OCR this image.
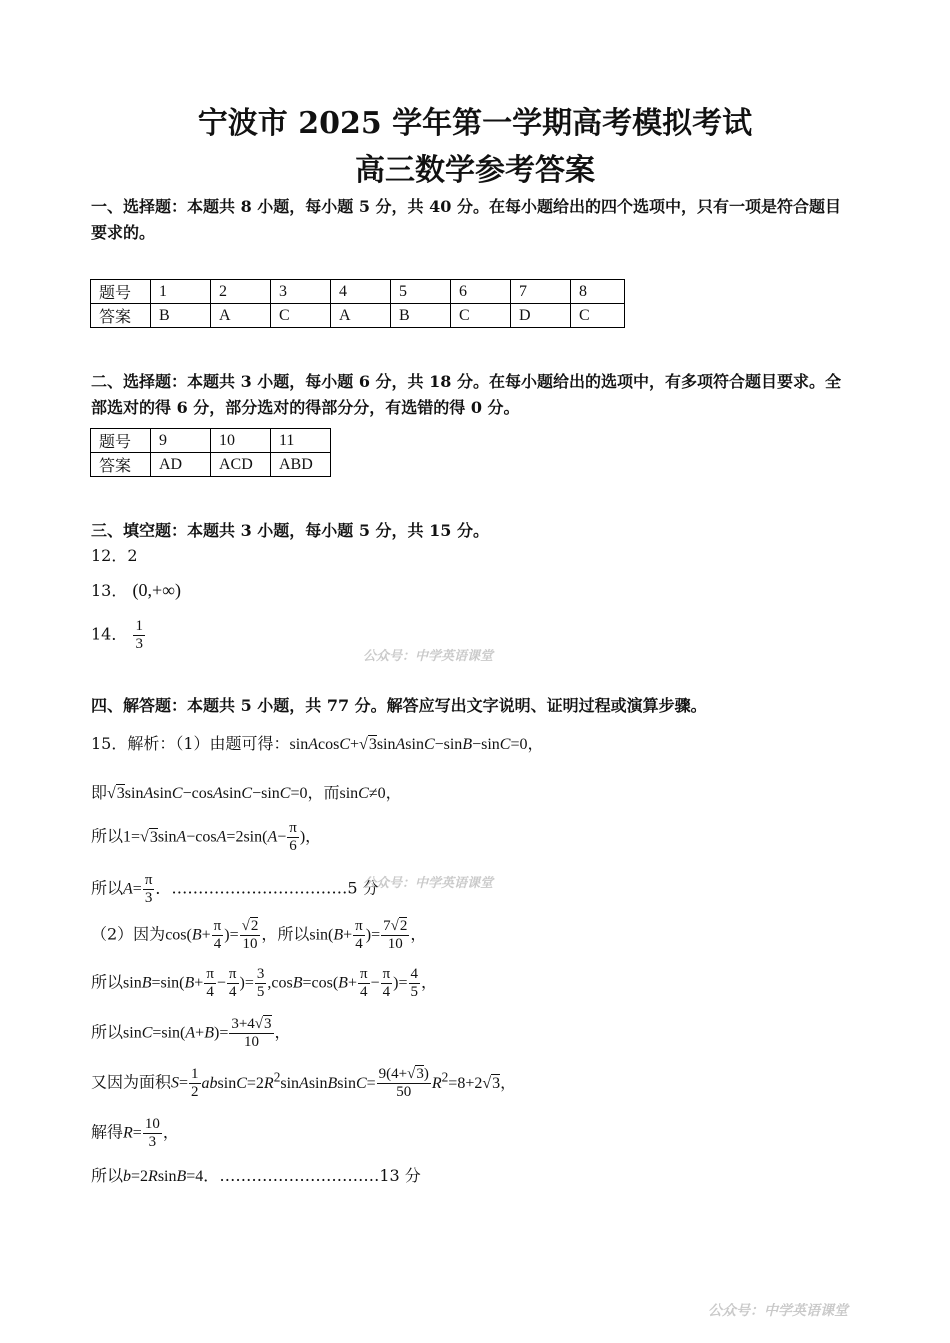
宁波市 2025 学年第一学期高考模拟考试
高三数学参考答案
一、选择题：本题共 8 小题，每小题 5 分，共 40 分。在每小题给出的四个选项中，只有一项是符合题目
要求的。
题号	1	2	3	4	5	6	7	8
答案	B	A	C	A	B	C	D	C
二、选择题：本题共 3 小题，每小题 6 分，共 18 分。在每小题给出的选项中，有多项符合题目要求。全
部选对的得 6 分，部分选对的得部分分，有选错的得 0 分。
题号	9	10	11
答案	AD	ACD	ABD
三、填空题：本题共 3 小题，每小题 5 分，共 15 分。
12．2
13． (0,+∞)
14． $\frac{1}{3}$
公众号：中学英语课堂
四、解答题：本题共 5 小题，共 77 分。解答应写出文字说明、证明过程或演算步骤。
15．解析：（1）由题可得：sinAcosC+√3sinAsinC−sinB−sinC=0，
即√3sinAsinC−cosAsinC−sinC=0，而sinC≠0，
所以$1=√3\sin A-\cos A=2\sin(A- \frac{\pi}{6}$ )，
所以$A= \frac{\pi}{3}$ ．……………………………5 分
公众号：中学英语课堂
（2）因为$\cos(B+ \frac{\pi}{4}$ )= $\frac{√2}{10}$ ，所以$\sin(B+ \frac{\pi}{4}$ )= $\frac{7√2}{10}$ ，
所以$\sin B=\sin(B+ \frac{\pi}{4} - \frac{\pi}{4}$ )= $\frac{3}{5} ,\cos B=\cos(B+ \frac{\pi}{4} - \frac{\pi}{4}$ )= $\frac{4}{5}$ ，
所以$\sin C=\sin(A+B)= \frac{3+4√3}{10}$ ，
又因为面积$S= \frac{1}{2}$ $absinC=2R^2sinAsinBsinC= \frac{9(4+√3)}{50} R^2=8+2√3$，
解得$R= \frac{10}{3}$ ，
所以b=2RsinB=4．…………………………13 分
公众号：中学英语课堂
